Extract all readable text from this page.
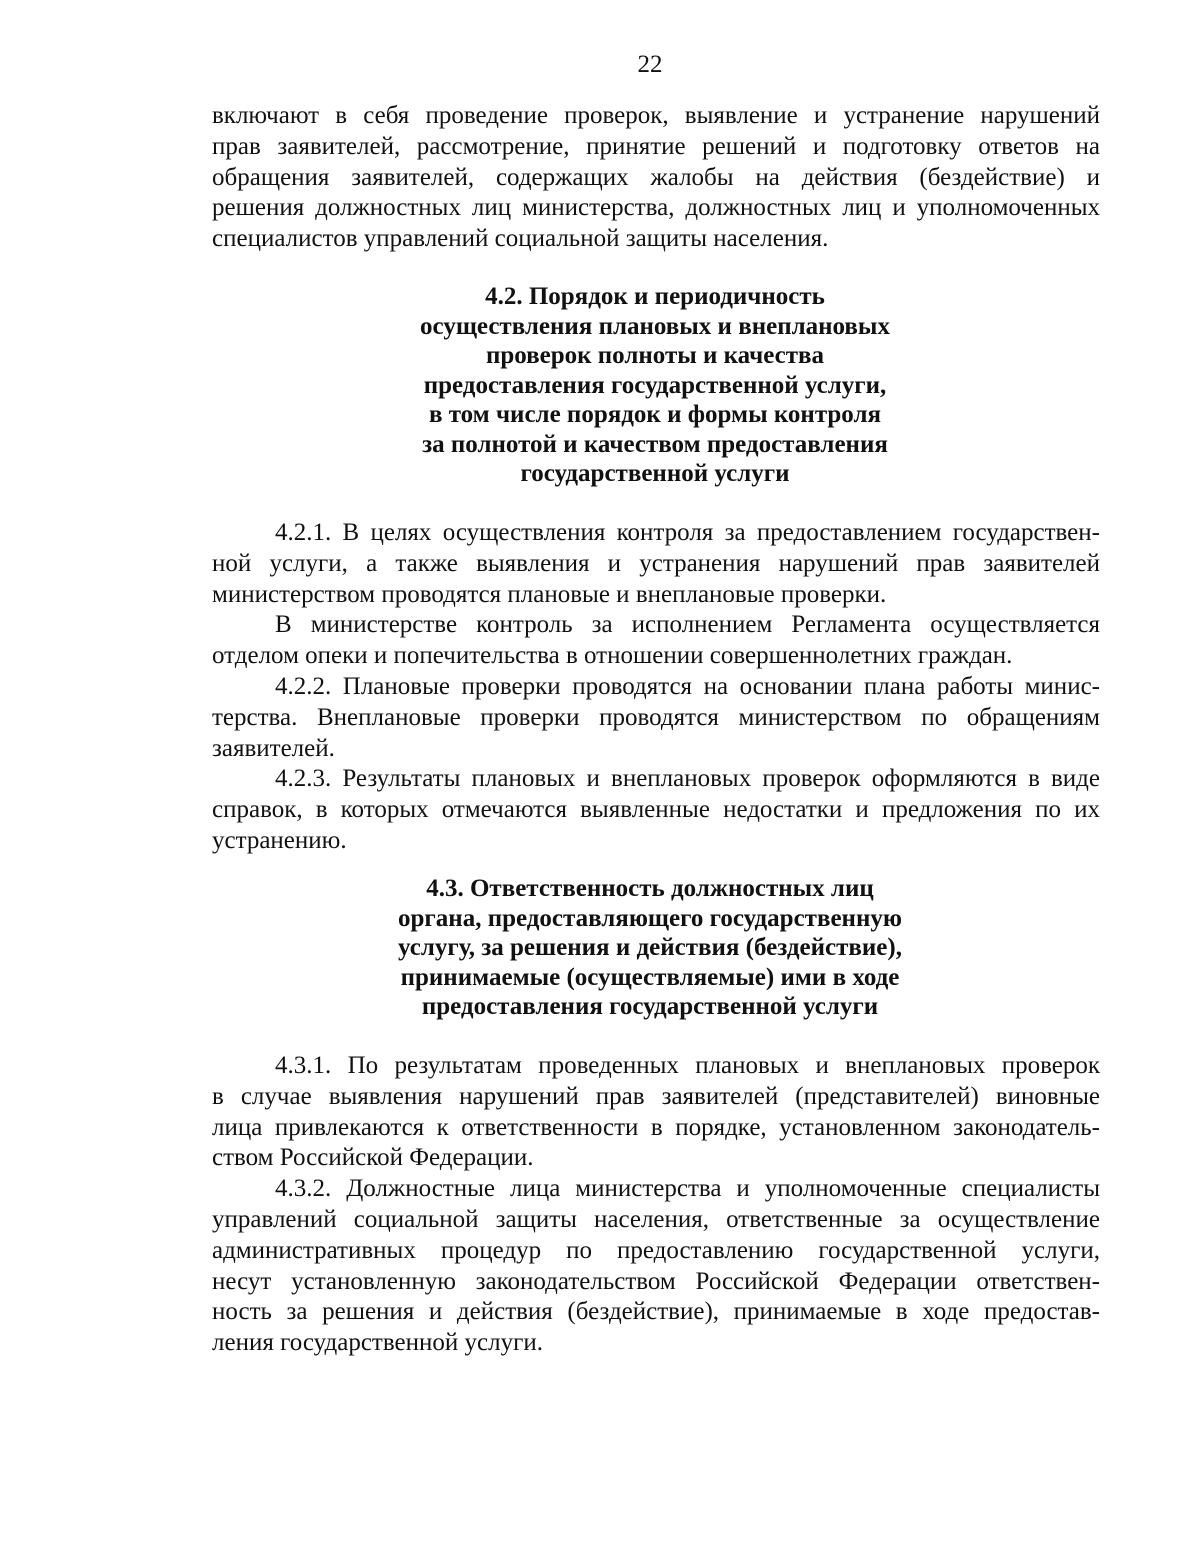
22
включают в себя проведение проверок, выявление и устранение нарушений
прав заявителей, рассмотрение, принятие решений и подготовку ответов на
обращения заявителей, содержащих жалобы на действия (бездействие) и
решения должностных лиц министерства, должностных лиц и уполномоченных
специалистов управлений социальной защиты населения.
4.2. Порядок и периодичность
осуществления плановых и внеплановых
проверок полноты и качества
предоставления государственной услуги,
в том числе порядок и формы контроля
за полнотой и качеством предоставления
государственной услуги
4.2.1. В целях осуществления контроля за предоставлением государствен-
ной услуги, а также выявления и устранения нарушений прав заявителей
министерством проводятся плановые и внеплановые проверки.
В министерстве контроль за исполнением Регламента осуществляется
отделом опеки и попечительства в отношении совершеннолетних граждан.
4.2.2. Плановые проверки проводятся на основании плана работы минис-
терства. Внеплановые проверки проводятся министерством по обращениям
заявителей.
4.2.3. Результаты плановых и внеплановых проверок оформляются в виде
справок, в которых отмечаются выявленные недостатки и предложения по их
устранению.
4.3. Ответственность должностных лиц
органа, предоставляющего государственную
услугу, за решения и действия (бездействие),
принимаемые (осуществляемые) ими в ходе
предоставления государственной услуги
4.3.1. По результатам проведенных плановых и внеплановых проверок
в случае выявления нарушений прав заявителей (представителей) виновные
лица привлекаются к ответственности в порядке, установленном законодатель-
ством Российской Федерации.
4.3.2. Должностные лица министерства и уполномоченные специалисты
управлений социальной защиты населения, ответственные за осуществление
административных процедур по предоставлению государственной услуги,
несут установленную законодательством Российской Федерации ответствен-
ность за решения и действия (бездействие), принимаемые в ходе предостав-
ления государственной услуги.
